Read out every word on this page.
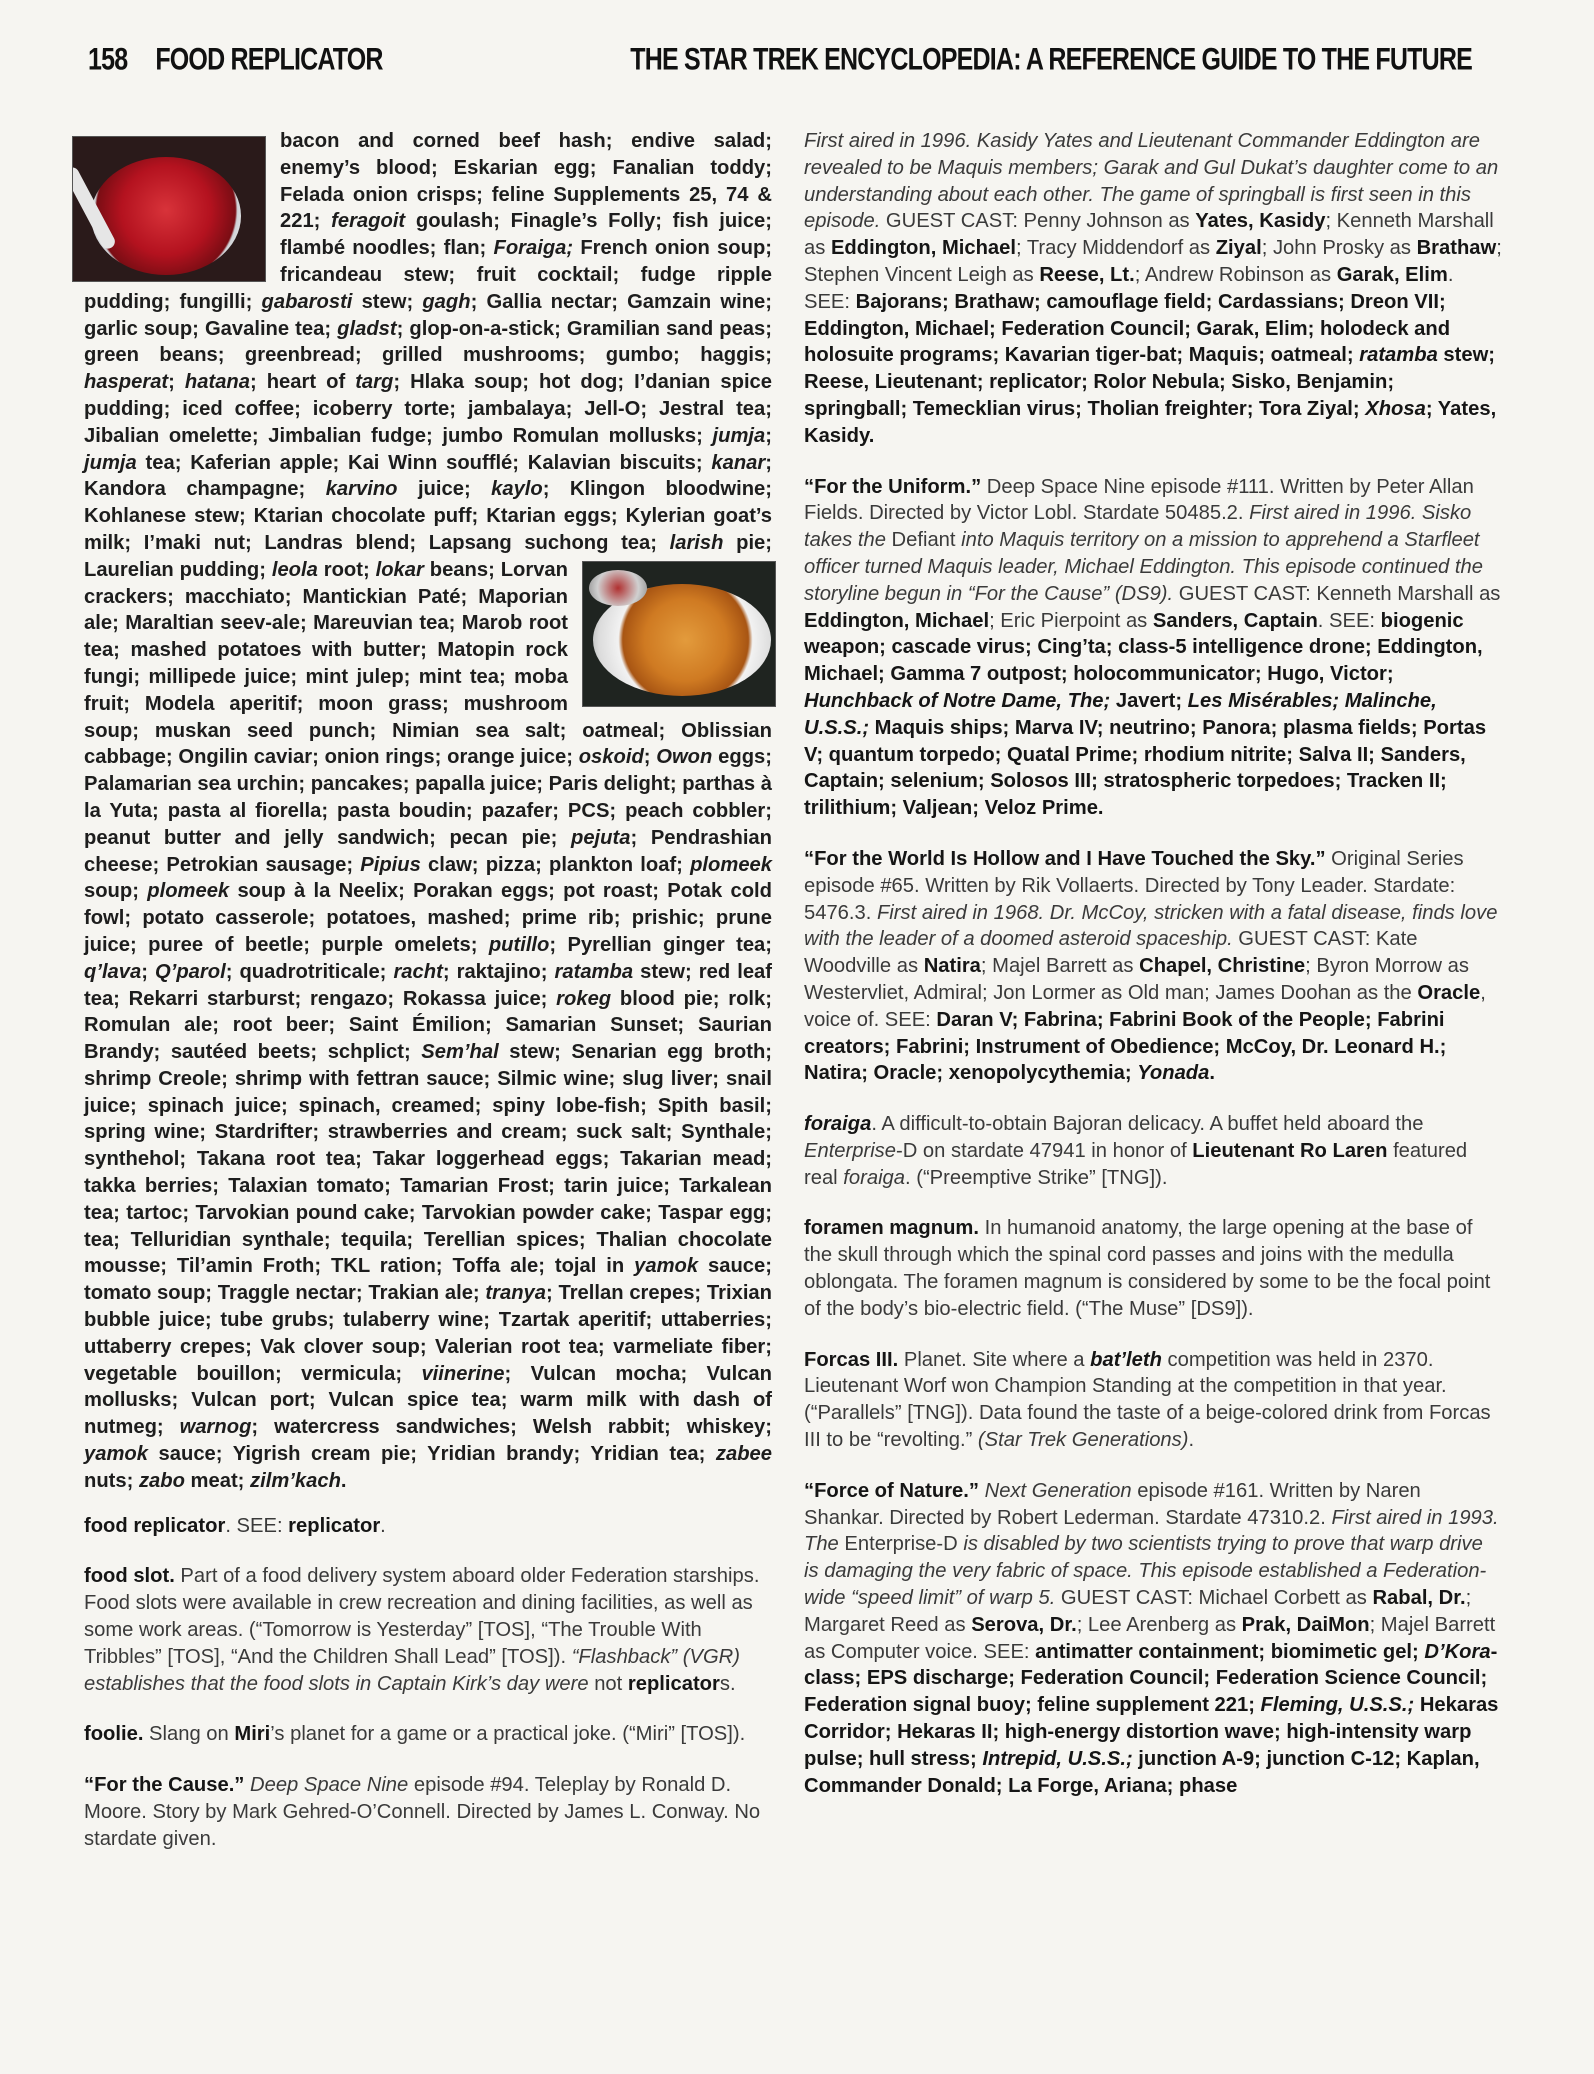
158 FOOD REPLICATOR	THE STAR TREK ENCYCLOPEDIA: A REFERENCE GUIDE TO THE FUTURE

bacon and corned beef hash; endive salad; enemy’s blood; Eskarian egg; Fanalian toddy; Felada onion crisps; feline Supplements 25, 74 & 221; feragoit goulash; Finagle’s Folly; fish juice; flambé noodles; flan; Foraiga; French onion soup; fricandeau stew; fruit cocktail; fudge ripple pudding; fungilli; gabarosti stew; gagh; Gallia nectar; Gamzain wine; garlic soup; Gavaline tea; gladst; glop-on-a-stick; Gramilian sand peas; green beans; greenbread; grilled mushrooms; gumbo; haggis; hasperat; hatana; heart of targ; Hlaka soup; hot dog; I’danian spice pudding; iced coffee; icoberry torte; jambalaya; Jell-O; Jestral tea; Jibalian omelette; Jimbalian fudge; jumbo Romulan mollusks; jumja; jumja tea; Kaferian apple; Kai Winn soufflé; Kalavian biscuits; kanar; Kandora champagne; karvino juice; kaylo; Klingon bloodwine; Kohlanese stew; Ktarian chocolate puff; Ktarian eggs; Kylerian goat’s milk; I’maki nut; Landras blend; Lapsang suchong tea;
larish pie; Laurelian pudding; leola root; lokar beans; Lorvan crackers; macchiato; Mantickian Paté; Maporian ale; Maraltian seev-ale; Mareuvian tea; Marob root tea; mashed potatoes with butter; Matopin rock fungi; millipede juice; mint julep; mint tea; moba fruit; Modela aperitif; moon grass; mushroom soup; muskan seed punch; Nimian sea salt; oatmeal; Oblissian cabbage; Ongilin caviar; onion rings; orange juice; oskoid; Owon eggs; Palamarian sea urchin; pancakes; papalla juice; Paris delight; parthas à la Yuta; pasta al fiorella; pasta boudin; pazafer; PCS; peach cobbler; peanut butter and jelly sandwich; pecan pie; pejuta; Pendrashian cheese; Petrokian sausage; Pipius claw; pizza; plankton loaf; plomeek soup; plomeek soup à la Neelix; Porakan eggs; pot roast; Potak cold fowl; potato casserole; potatoes, mashed; prime rib; prishic; prune juice; puree of beetle; purple omelets; putillo; Pyrellian ginger tea; q’lava; Q’parol; quadrotriticale; racht; raktajino; ratamba stew; red leaf tea; Rekarri starburst; rengazo; Rokassa juice; rokeg blood pie; rolk; Romulan ale; root beer; Saint Émilion; Samarian Sunset; Saurian Brandy; sautéed beets; schplict; Sem’hal stew; Senarian egg broth; shrimp Creole; shrimp with fettran sauce; Silmic wine; slug liver; snail juice; spinach juice; spinach, creamed; spiny lobe-fish; Spith basil; spring wine; Stardrifter; strawberries and cream; suck salt; Synthale; synthehol; Takana root tea; Takar loggerhead eggs; Takarian mead; takka berries; Talaxian tomato; Tamarian Frost; tarin juice; Tarkalean tea; tartoc; Tarvokian pound cake; Tarvokian powder cake; Taspar egg; tea; Telluridian synthale; tequila; Terellian spices; Thalian chocolate mousse; Til’amin Froth; TKL ration; Toffa ale; tojal in yamok sauce; tomato soup; Traggle nectar; Trakian ale; tranya; Trellan crepes; Trixian bubble juice; tube grubs; tulaberry wine; Tzartak aperitif; uttaberries; uttaberry crepes; Vak clover soup; Valerian root tea; varmeliate fiber; vegetable bouillon; vermicula; viinerine; Vulcan mocha; Vulcan mollusks; Vulcan port; Vulcan spice tea; warm milk with dash of nutmeg; warnog; watercress sandwiches; Welsh rabbit; whiskey; yamok sauce; Yigrish cream pie; Yridian brandy; Yridian tea; zabee nuts; zabo meat; zilm’kach.

food replicator. SEE: replicator.

food slot. Part of a food delivery system aboard older Federation starships. Food slots were available in crew recreation and dining facilities, as well as some work areas. (“Tomorrow is Yesterday” [TOS], “The Trouble With Tribbles” [TOS], “And the Children Shall Lead” [TOS]). “Flashback” (VGR) establishes that the food slots in Captain Kirk’s day were not replicators.

foolie. Slang on Miri’s planet for a game or a practical joke. (“Miri” [TOS]).

“For the Cause.” Deep Space Nine episode #94. Teleplay by Ronald D. Moore. Story by Mark Gehred-O’Connell. Directed by James L. Conway. No stardate given.

First aired in 1996. Kasidy Yates and Lieutenant Commander Eddington are revealed to be Maquis members; Garak and Gul Dukat’s daughter come to an understanding about each other. The game of springball is first seen in this episode. GUEST CAST: Penny Johnson as Yates, Kasidy; Kenneth Marshall as Eddington, Michael; Tracy Middendorf as Ziyal; John Prosky as Brathaw; Stephen Vincent Leigh as Reese, Lt.; Andrew Robinson as Garak, Elim. SEE: Bajorans; Brathaw; camouflage field; Cardassians; Dreon VII; Eddington, Michael; Federation Council; Garak, Elim; holodeck and holosuite programs; Kavarian tiger-bat; Maquis; oatmeal; ratamba stew; Reese, Lieutenant; replicator; Rolor Nebula; Sisko, Benjamin; springball; Temecklian virus; Tholian freighter; Tora Ziyal; Xhosa; Yates, Kasidy.

“For the Uniform.” Deep Space Nine episode #111. Written by Peter Allan Fields. Directed by Victor Lobl. Stardate 50485.2. First aired in 1996. Sisko takes the Defiant into Maquis territory on a mission to apprehend a Starfleet officer turned Maquis leader, Michael Eddington. This episode continued the storyline begun in “For the Cause” (DS9). GUEST CAST: Kenneth Marshall as Eddington, Michael; Eric Pierpoint as Sanders, Captain. SEE: biogenic weapon; cascade virus; Cing’ta; class-5 intelligence drone; Eddington, Michael; Gamma 7 outpost; holocommunicator; Hugo, Victor; Hunchback of Notre Dame, The; Javert; Les Misérables; Malinche, U.S.S.; Maquis ships; Marva IV; neutrino; Panora; plasma fields; Portas V; quantum torpedo; Quatal Prime; rhodium nitrite; Salva II; Sanders, Captain; selenium; Solosos III; stratospheric torpedoes; Tracken II; trilithium; Valjean; Veloz Prime.

“For the World Is Hollow and I Have Touched the Sky.” Original Series episode #65. Written by Rik Vollaerts. Directed by Tony Leader. Stardate: 5476.3. First aired in 1968. Dr. McCoy, stricken with a fatal disease, finds love with the leader of a doomed asteroid spaceship. GUEST CAST: Kate Woodville as Natira; Majel Barrett as Chapel, Christine; Byron Morrow as Westervliet, Admiral; Jon Lormer as Old man; James Doohan as the Oracle, voice of. SEE: Daran V; Fabrina; Fabrini Book of the People; Fabrini creators; Fabrini; Instrument of Obedience; McCoy, Dr. Leonard H.; Natira; Oracle; xenopolycythemia; Yonada.

foraiga. A difficult-to-obtain Bajoran delicacy. A buffet held aboard the Enterprise-D on stardate 47941 in honor of Lieutenant Ro Laren featured real foraiga. (“Preemptive Strike” [TNG]).

foramen magnum. In humanoid anatomy, the large opening at the base of the skull through which the spinal cord passes and joins with the medulla oblongata. The foramen magnum is considered by some to be the focal point of the body’s bio-electric field. (“The Muse” [DS9]).

Forcas III. Planet. Site where a bat’leth competition was held in 2370. Lieutenant Worf won Champion Standing at the competition in that year. (“Parallels” [TNG]). Data found the taste of a beige-colored drink from Forcas III to be “revolting.” (Star Trek Generations).

“Force of Nature.” Next Generation episode #161. Written by Naren Shankar. Directed by Robert Lederman. Stardate 47310.2. First aired in 1993. The Enterprise-D is disabled by two scientists trying to prove that warp drive is damaging the very fabric of space. This episode established a Federation-wide “speed limit” of warp 5. GUEST CAST: Michael Corbett as Rabal, Dr.; Margaret Reed as Serova, Dr.; Lee Arenberg as Prak, DaiMon; Majel Barrett as Computer voice. SEE: antimatter containment; biomimetic gel; D’Kora-class; EPS discharge; Federation Council; Federation Science Council; Federation signal buoy; feline supplement 221; Fleming, U.S.S.; Hekaras Corridor; Hekaras II; high-energy distortion wave; high-intensity warp pulse; hull stress; Intrepid, U.S.S.; junction A-9; junction C-12; Kaplan, Commander Donald; La Forge, Ariana; phase
